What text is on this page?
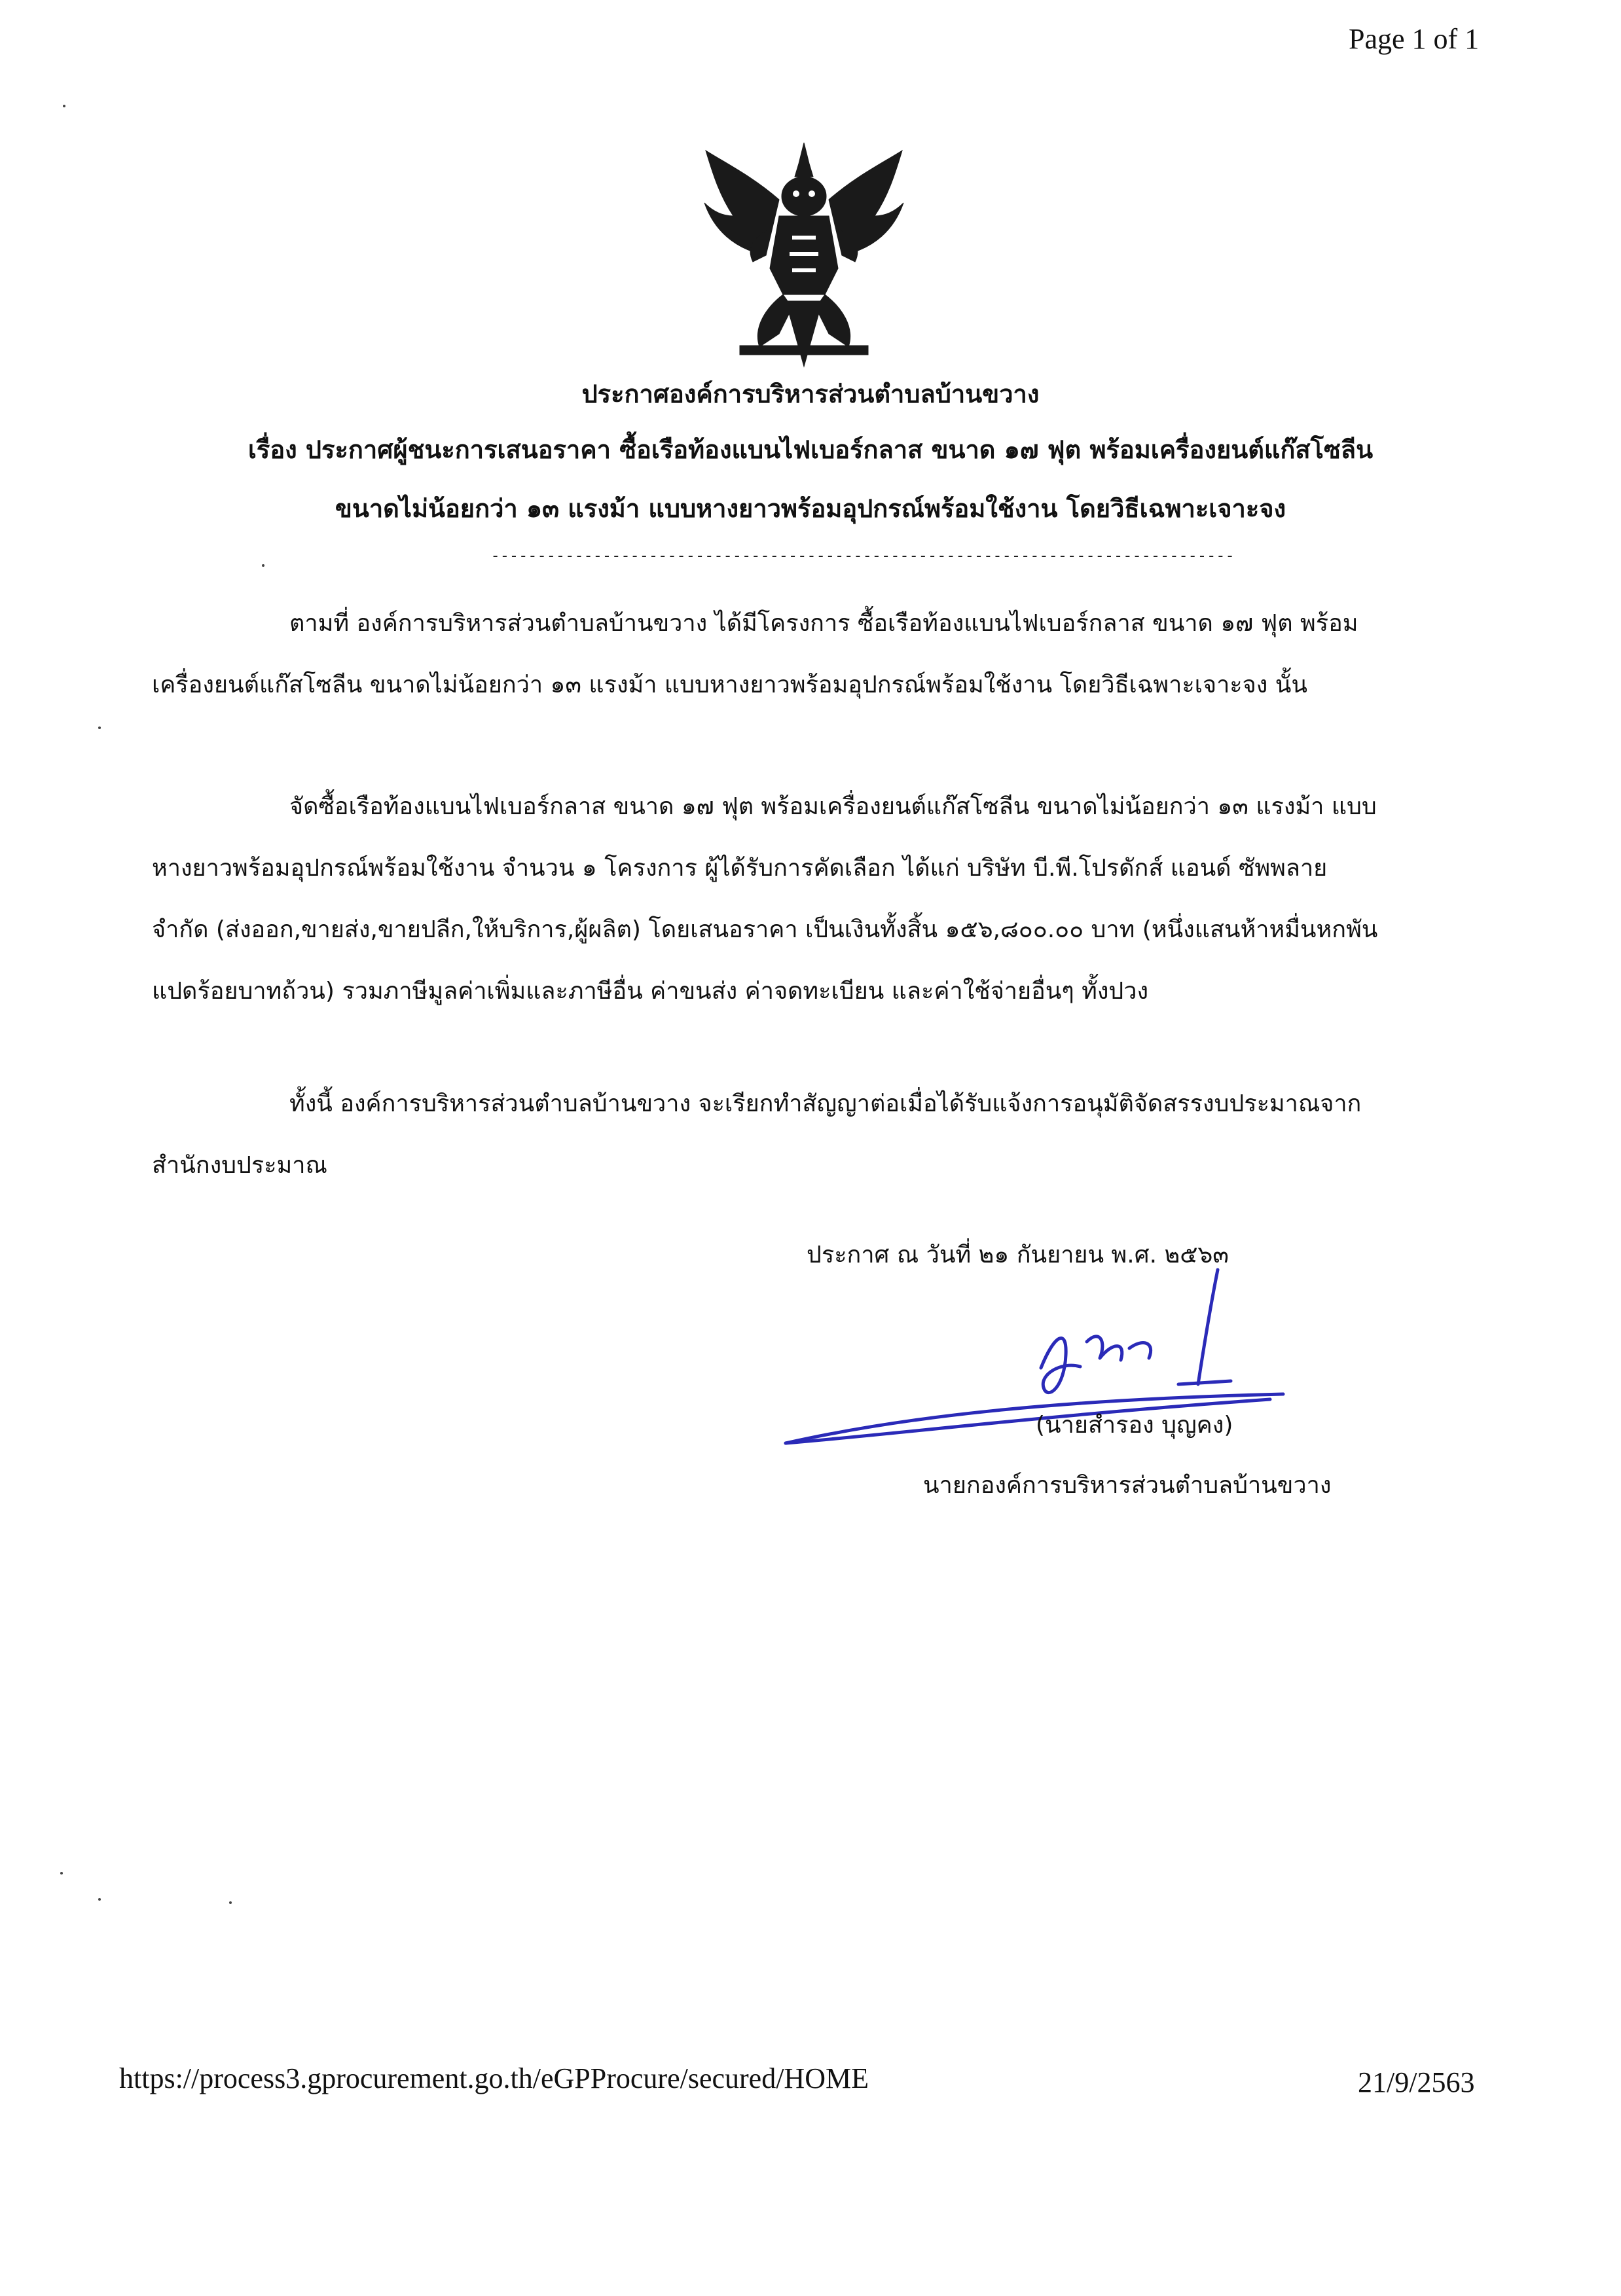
Page 1 of 1
ประกาศองค์การบริหารส่วนตำบลบ้านขวาง
เรื่อง ประกาศผู้ชนะการเสนอราคา ซื้อเรือท้องแบนไฟเบอร์กลาส ขนาด ๑๗ ฟุต พร้อมเครื่องยนต์แก๊สโซลีน
ขนาดไม่น้อยกว่า ๑๓ แรงม้า แบบหางยาวพร้อมอุปกรณ์พร้อมใช้งาน โดยวิธีเฉพาะเจาะจง
--------------------------------------------------------------------------------

ตามที่ องค์การบริหารส่วนตำบลบ้านขวาง ได้มีโครงการ ซื้อเรือท้องแบนไฟเบอร์กลาส ขนาด ๑๗ ฟุต พร้อมเครื่องยนต์แก๊สโซลีน ขนาดไม่น้อยกว่า ๑๓ แรงม้า แบบหางยาวพร้อมอุปกรณ์พร้อมใช้งาน โดยวิธีเฉพาะเจาะจง นั้น

จัดซื้อเรือท้องแบนไฟเบอร์กลาส ขนาด ๑๗ ฟุต พร้อมเครื่องยนต์แก๊สโซลีน ขนาดไม่น้อยกว่า ๑๓ แรงม้า แบบหางยาวพร้อมอุปกรณ์พร้อมใช้งาน จำนวน ๑ โครงการ ผู้ได้รับการคัดเลือก ได้แก่ บริษัท บี.พี.โปรดักส์ แอนด์ ซัพพลาย จำกัด (ส่งออก,ขายส่ง,ขายปลีก,ให้บริการ,ผู้ผลิต) โดยเสนอราคา เป็นเงินทั้งสิ้น ๑๕๖,๘๐๐.๐๐ บาท (หนึ่งแสนห้าหมื่นหกพันแปดร้อยบาทถ้วน) รวมภาษีมูลค่าเพิ่มและภาษีอื่น ค่าขนส่ง ค่าจดทะเบียน และค่าใช้จ่ายอื่นๆ ทั้งปวง

ทั้งนี้ องค์การบริหารส่วนตำบลบ้านขวาง จะเรียกทำสัญญาต่อเมื่อได้รับแจ้งการอนุมัติจัดสรรงบประมาณจาก สำนักงบประมาณ

ประกาศ ณ วันที่ ๒๑ กันยายน พ.ศ. ๒๕๖๓
(นายสำรอง บุญคง)
นายกองค์การบริหารส่วนตำบลบ้านขวาง
https://process3.gprocurement.go.th/eGPProcure/secured/HOME	21/9/2563
